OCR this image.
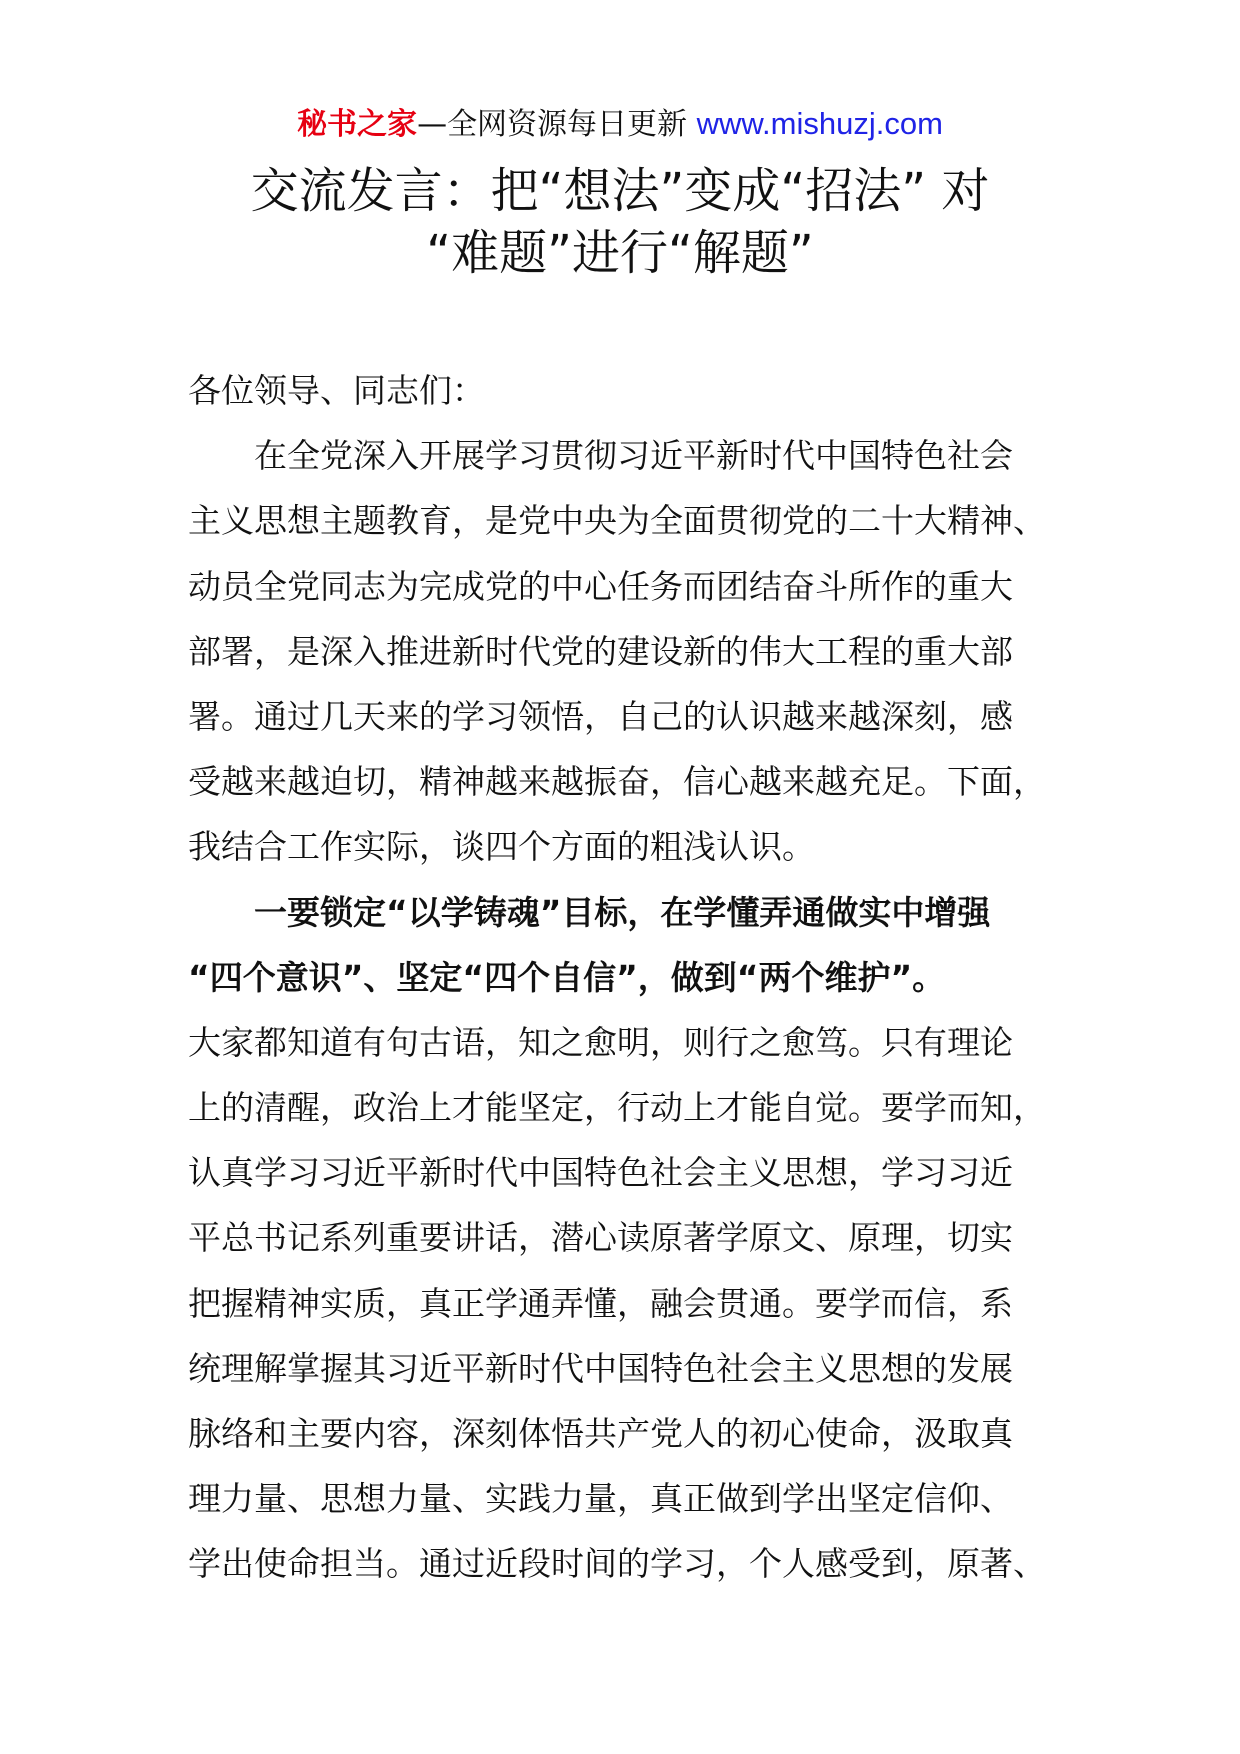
秘书之家—全网资源每日更新 www.mishuzj.com
交流发言：把“想法”变成“招法” 对
“难题”进行“解题”
各位领导、同志们：
在全党深入开展学习贯彻习近平新时代中国特色社会
主义思想主题教育，是党中央为全面贯彻党的二十大精神、
动员全党同志为完成党的中心任务而团结奋斗所作的重大
部署，是深入推进新时代党的建设新的伟大工程的重大部
署。通过几天来的学习领悟，自己的认识越来越深刻，感
受越来越迫切，精神越来越振奋，信心越来越充足。下面，
我结合工作实际，谈四个方面的粗浅认识。
一要锁定“以学铸魂”目标，在学懂弄通做实中增强
“四个意识”、坚定“四个自信”，做到“两个维护”。
大家都知道有句古语，知之愈明，则行之愈笃。只有理论
上的清醒，政治上才能坚定，行动上才能自觉。要学而知，
认真学习习近平新时代中国特色社会主义思想，学习习近
平总书记系列重要讲话，潜心读原著学原文、原理，切实
把握精神实质，真正学通弄懂，融会贯通。要学而信，系
统理解掌握其习近平新时代中国特色社会主义思想的发展
脉络和主要内容，深刻体悟共产党人的初心使命，汲取真
理力量、思想力量、实践力量，真正做到学出坚定信仰、
学出使命担当。通过近段时间的学习，个人感受到，原著、
